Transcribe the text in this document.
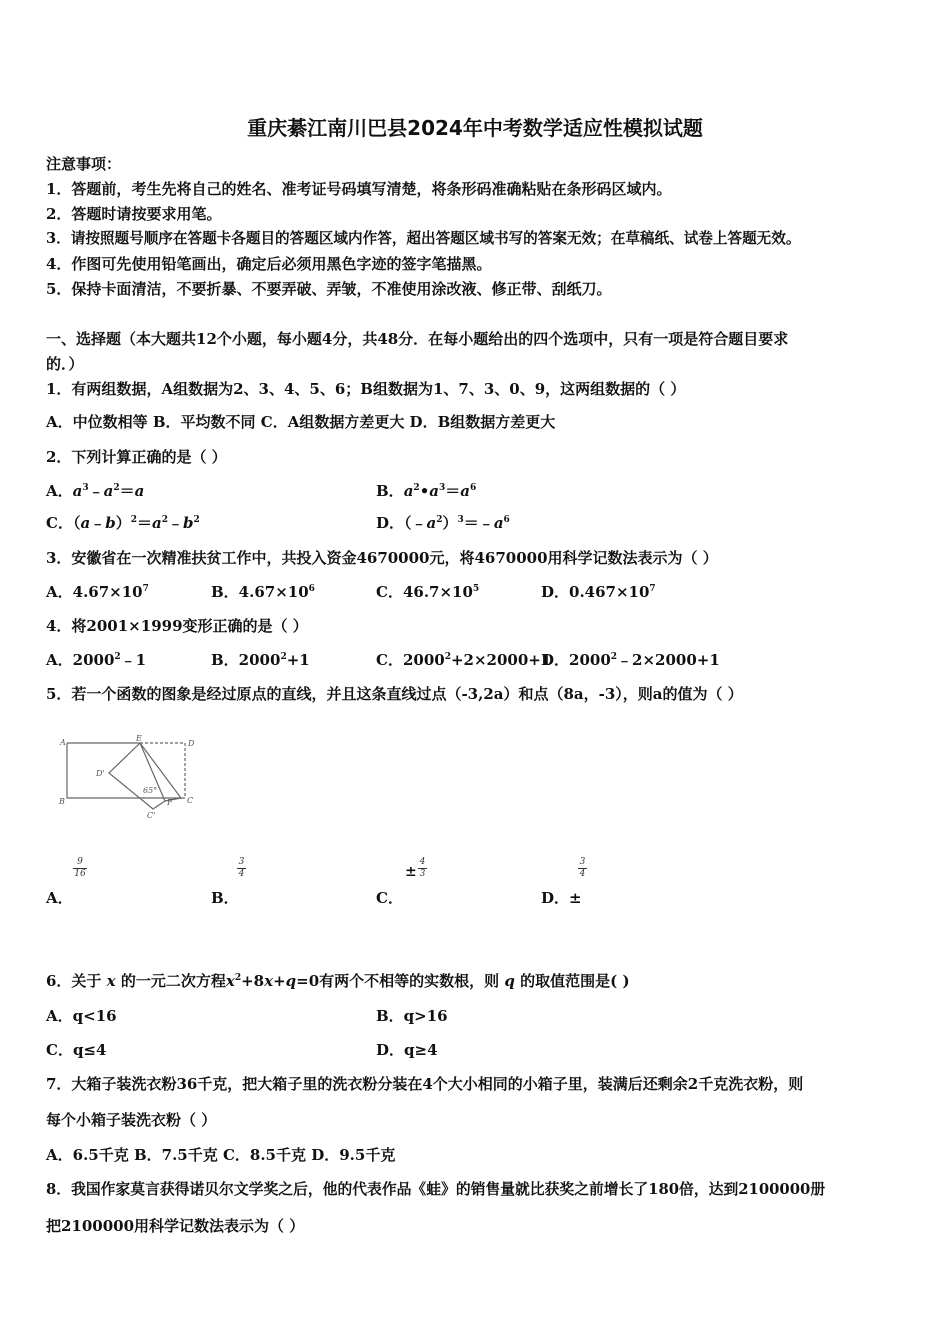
重庆綦江南川巴县2024年中考数学适应性模拟试题
注意事项：
1．答题前，考生先将自己的姓名、准考证号码填写清楚，将条形码准确粘贴在条形码区域内。
2．答题时请按要求用笔。
3．请按照题号顺序在答题卡各题目的答题区域内作答，超出答题区域书写的答案无效；在草稿纸、试卷上答题无效。
4．作图可先使用铅笔画出，确定后必须用黑色字迹的签字笔描黑。
5．保持卡面清洁，不要折暴、不要弄破、弄皱，不准使用涂改液、修正带、刮纸刀。
一、选择题（本大题共12个小题，每小题4分，共48分．在每小题给出的四个选项中，只有一项是符合题目要求
的．）
1．有两组数据，A组数据为2、3、4、5、6；B组数据为1、7、3、0、9，这两组数据的（ ）
A．中位数相等 B．平均数不同 C．A组数据方差更大 D．B组数据方差更大
2．下列计算正确的是（ ）
A．$a^3﹣a^2=a$	B．$a^2•a^3=a^6$
C．$(a﹣b)^2=a^2﹣b^2$	D．$(﹣a^2)^3=﹣a^6$
3．安徽省在一次精准扶贫工作中，共投入资金4670000元，将4670000用科学记数法表示为（ ）
A．$4.67\times 10^7$	B．$4.67\times 10^6$	C．$46.7\times 10^5$	D．$0.467\times 10^7$
4．将2001×1999变形正确的是（ ）
A．2000$^2$﹣1	B．$2000^2+1$	C．$2000^2+2\times 2000+1$
D．$2000^2﹣2\times 2000+1$
5．若一个函数的图象是经过原点的直线，并且这条直线过点（-3,2a）和点（8a，-3），则a的值为（ ）
A	E
D
D'
B	F C
C'
65°
$\frac{9}{16}$
A．
$\frac{3}{4}$
B．
± $\frac{4}{3}$
C．
$\frac{3}{4}$
D．±
6．关于 x 的一元二次方程$x^2+8x+q=0$有两个不相等的实数根，则 q 的取值范围是( )
A．q<16	B．q>16
C．q≤4	D．q≥4
7．大箱子装洗衣粉36千克，把大箱子里的洗衣粉分装在4个大小相同的小箱子里，装满后还剩余2千克洗衣粉，则
每个小箱子装洗衣粉（ ）
A．6.5千克 B．7.5千克 C．8.5千克 D．9.5千克
8．我国作家莫言获得诺贝尔文学奖之后，他的代表作品《蛙》的销售量就比获奖之前增长了180倍，达到2100000册
把2100000用科学记数法表示为（ ）
